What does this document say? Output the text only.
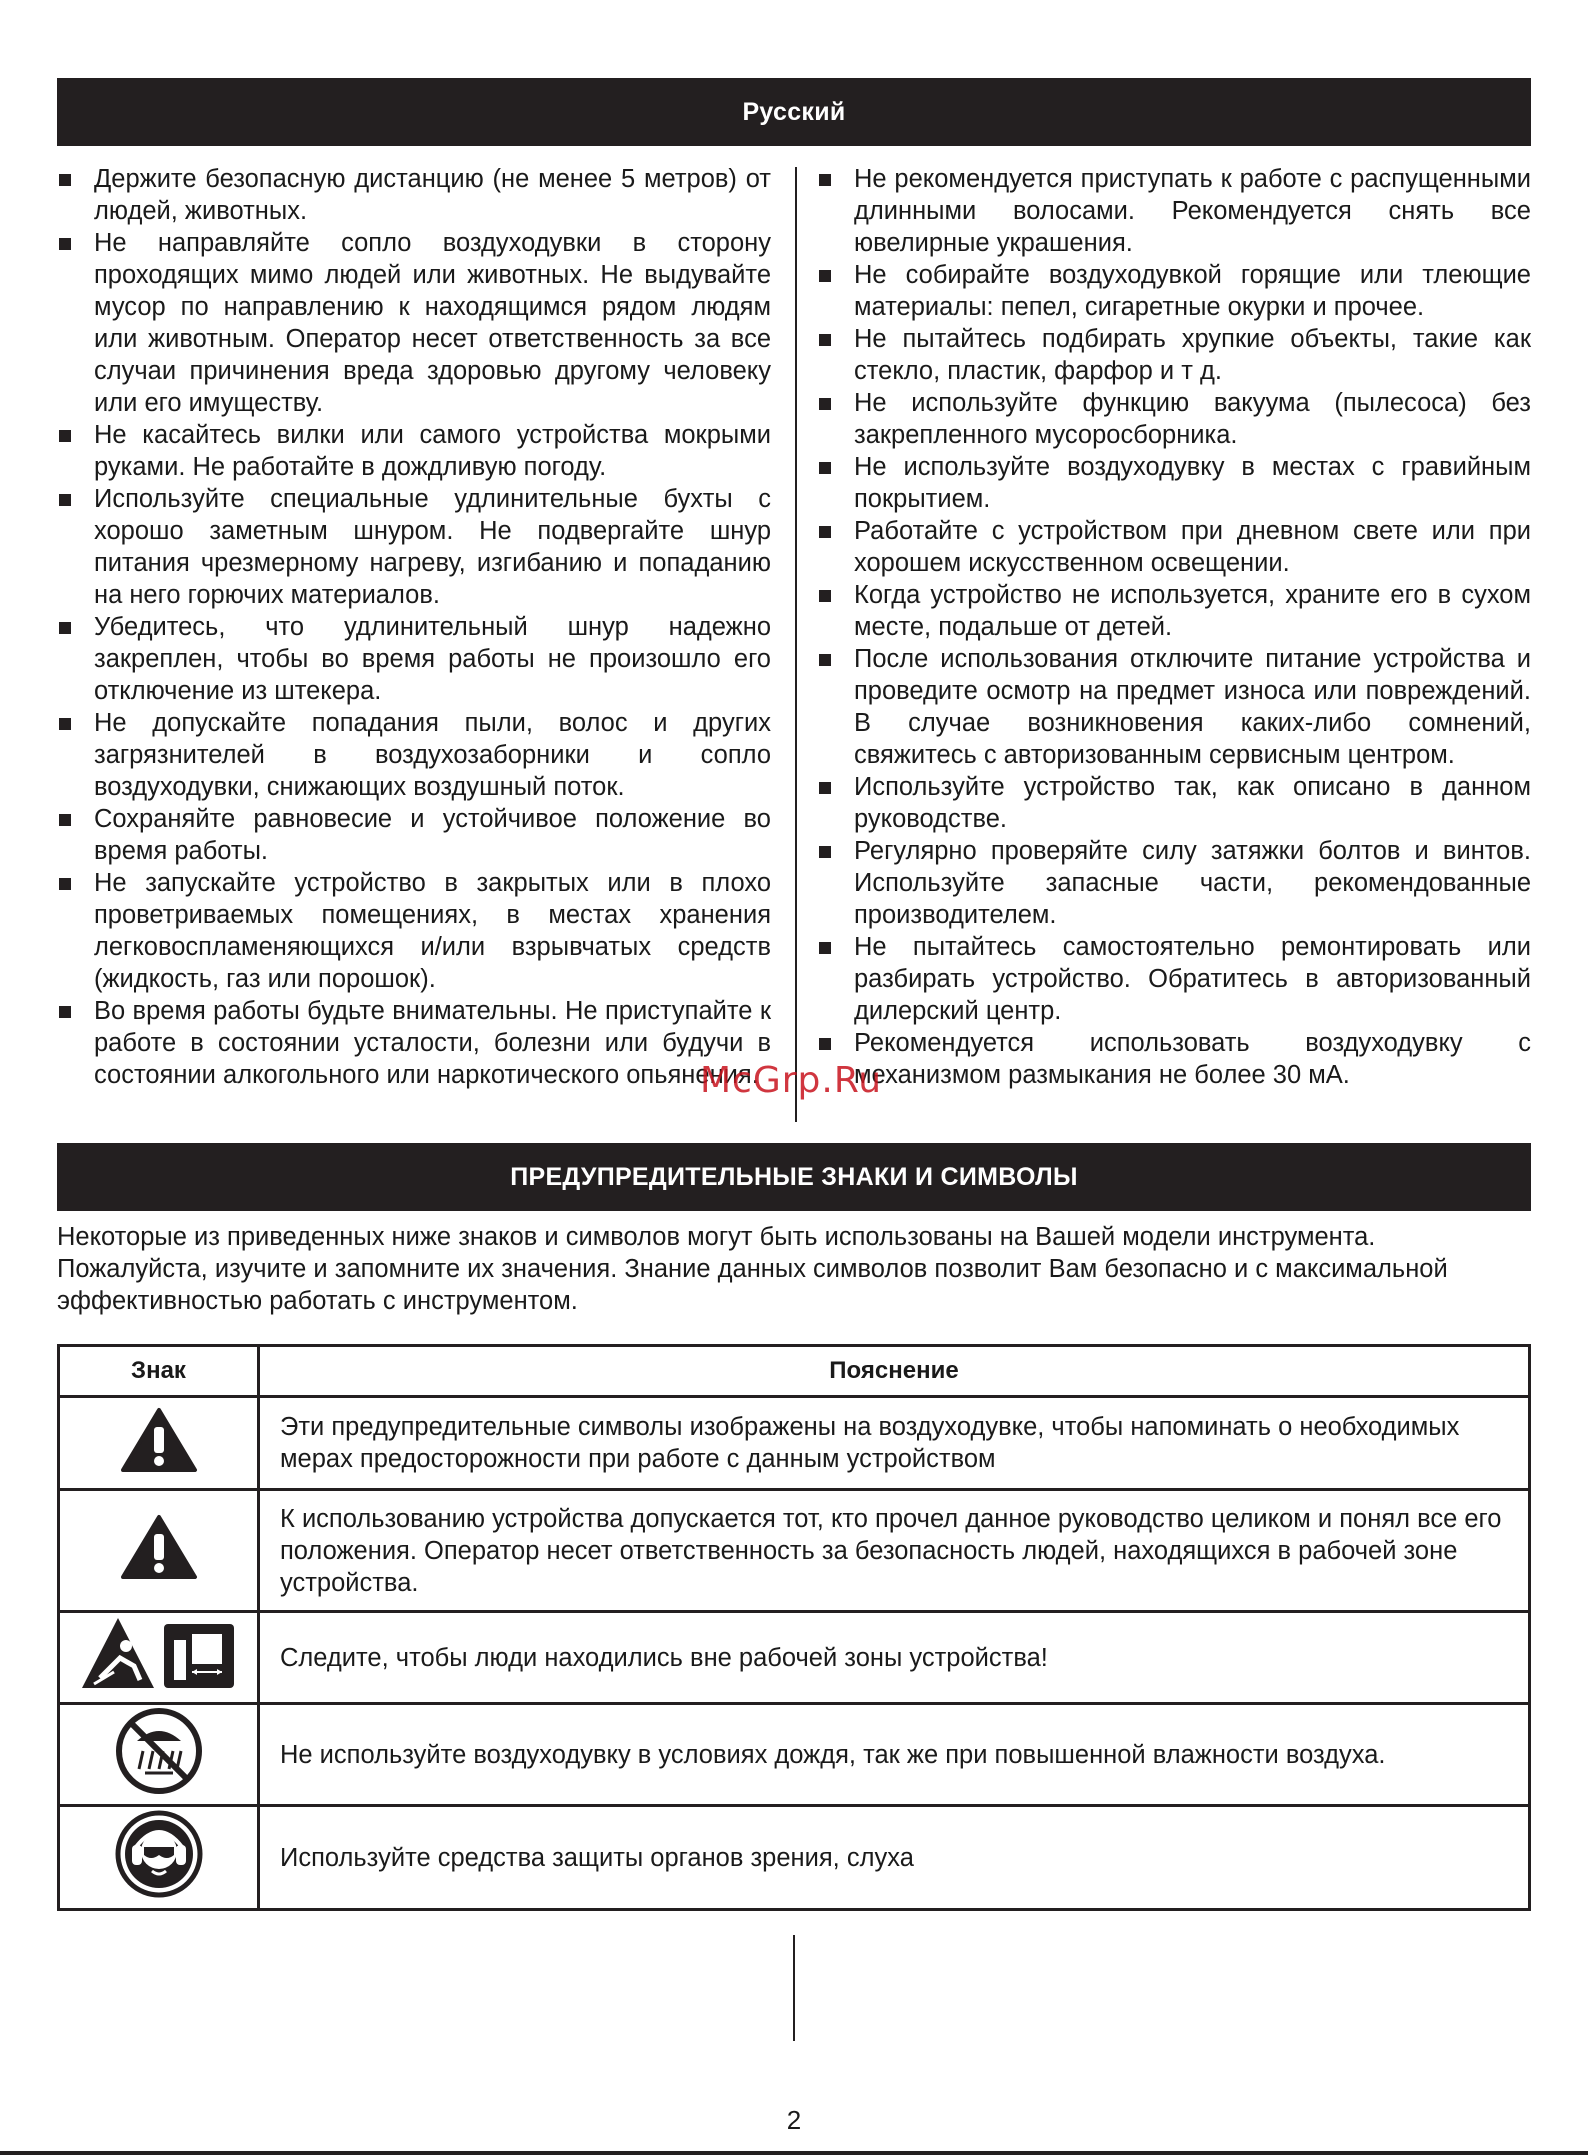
Русский
Держите безопасную дистанцию (не менее 5 метров) от людей, животных.
Не направляйте сопло воздуходувки в сторону проходящих мимо людей или животных. Не выдувайте мусор по направлению к находящимся рядом людям или животным. Оператор несет ответственность за все случаи причинения вреда здоровью другому человеку или его имуществу.
Не касайтесь вилки или самого устройства мокрыми руками. Не работайте в дождливую погоду.
Используйте специальные удлинительные бухты с хорошо заметным шнуром. Не подвергайте шнур питания чрезмерному нагреву, изгибанию и попаданию на него горючих материалов.
Убедитесь, что удлинительный шнур надежно закреплен, чтобы во время работы не произошло его отключение из штекера.
Не допускайте попадания пыли, волос и других загрязнителей в воздухозаборники и сопло воздуходувки, снижающих воздушный поток.
Сохраняйте равновесие и устойчивое положение во время работы.
Не запускайте устройство в закрытых или в плохо проветриваемых помещениях, в местах хранения легковоспламеняющихся и/или взрывчатых средств (жидкость, газ или порошок).
Во время работы будьте внимательны. Не приступайте к работе в состоянии усталости, болезни или будучи в состоянии алкогольного или наркотического опьянения.
Не рекомендуется приступать к работе с распущенными длинными волосами. Рекомендуется снять все ювелирные украшения.
Не собирайте воздуходувкой горящие или тлеющие материалы: пепел, сигаретные окурки и прочее.
Не пытайтесь подбирать хрупкие объекты, такие как стекло, пластик, фарфор и т д.
Не используйте функцию вакуума (пылесоса) без закрепленного мусоросборника.
Не используйте воздуходувку в местах с гравийным покрытием.
Работайте с устройством при дневном свете или при хорошем искусственном освещении.
Когда устройство не используется, храните его в сухом месте, подальше от детей.
После использования отключите питание устройства и проведите осмотр на предмет износа или повреждений. В случае возникновения каких-либо сомнений, свяжитесь с авторизованным сервисным центром.
Используйте устройство так, как описано в данном руководстве.
Регулярно проверяйте силу затяжки болтов и винтов. Используйте запасные части, рекомендованные производителем.
Не пытайтесь самостоятельно ремонтировать или разбирать устройство. Обратитесь в авторизованный дилерский центр.
Рекомендуется использовать воздуходувку с механизмом размыкания не более 30 мА.
McGrp.Ru
ПРЕДУПРЕДИТЕЛЬНЫЕ ЗНАКИ И СИМВОЛЫ

Некоторые из приведенных ниже знаков и символов могут быть использованы на Вашей модели инструмента. Пожалуйста, изучите и запомните их значения. Знание данных символов позволит Вам безопасно и с максимальной эффективностью работать с инструментом.

Знак	Пояснение
	Эти предупредительные символы изображены на воздуходувке, чтобы напоминать о необходимых мерах предосторожности при работе с данным устройством
	К использованию устройства допускается тот, кто прочел данное руководство целиком и понял все его положения. Оператор несет ответственность за безопасность людей, находящихся в рабочей зоне устройства.
	Следите, чтобы люди находились вне рабочей зоны устройства!
	Не используйте воздуходувку в условиях дождя, так же при повышенной влажности воздуха.
	Используйте средства защиты органов зрения, слуха
2
